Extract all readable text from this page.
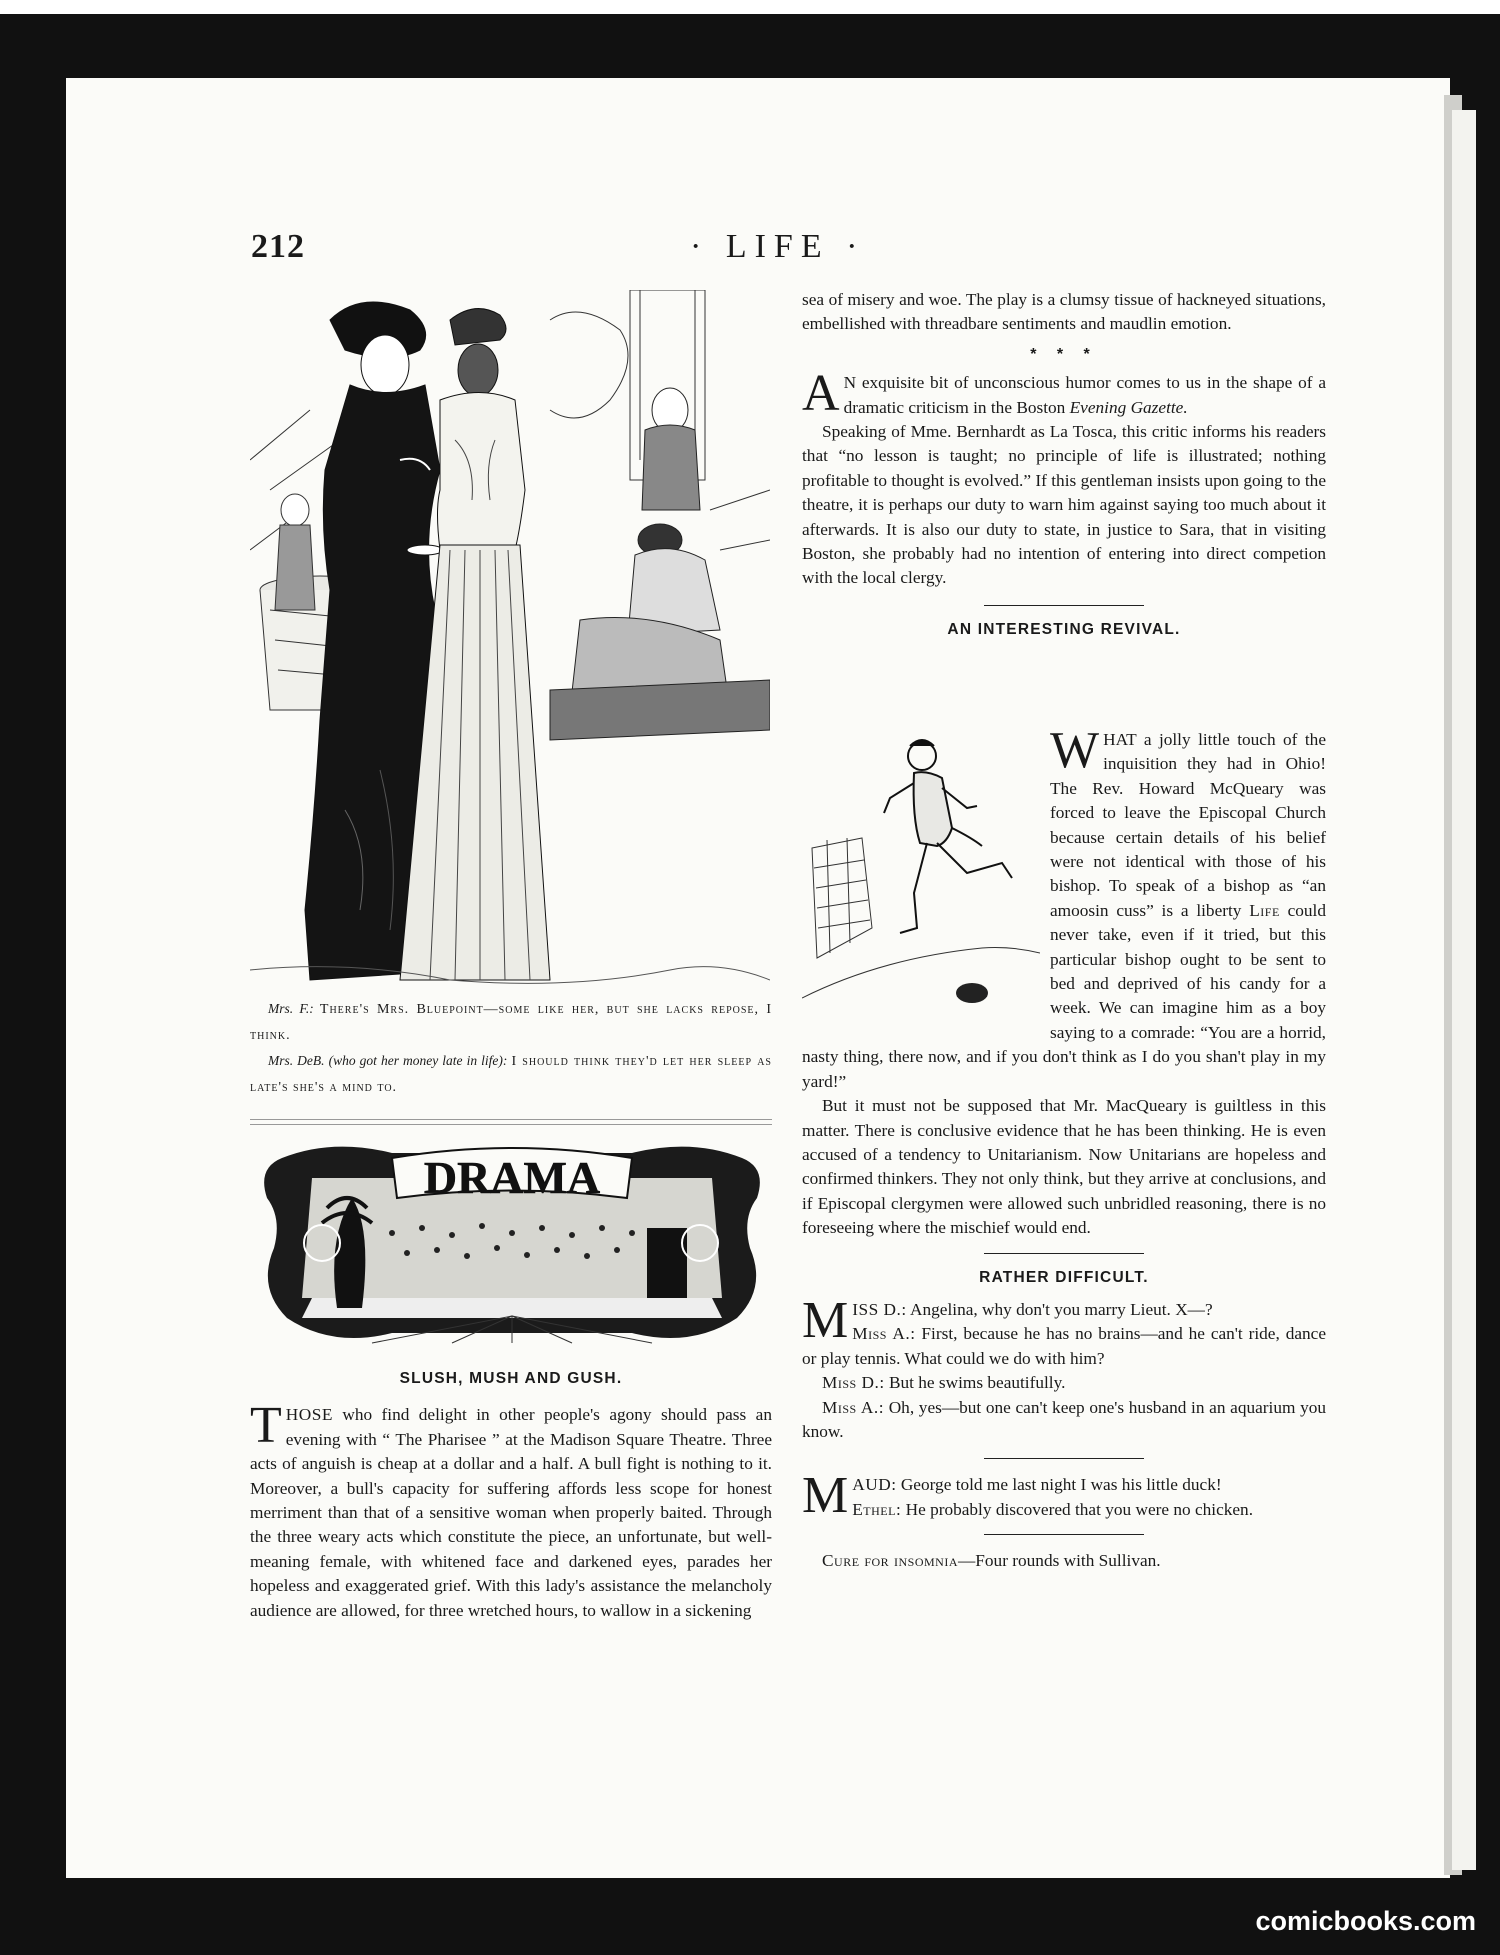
212	· LIFE ·

Mrs. F.: There's Mrs. Bluepoint—some like her, but she lacks repose, I think.

Mrs. DeB. (who got her money late in life): I should think they'd let her sleep as late's she's a mind to.

DRAMA
SLUSH, MUSH AND GUSH.

T HOSE who find delight in other people's agony should pass an evening with “ The Pharisee ” at the Madison Square Theatre. Three acts of anguish is cheap at a dollar and a half. A bull fight is nothing to it. Moreover, a bull's capacity for suffering affords less scope for honest merriment than that of a sensitive woman when properly baited. Through the three weary acts which constitute the piece, an unfortunate, but well-meaning female, with whitened face and darkened eyes, parades her hopeless and exaggerated grief. With this lady's assistance the melancholy audience are allowed, for three wretched hours, to wallow in a sickening

sea of misery and woe. The play is a clumsy tissue of hackneyed situations, embellished with threadbare sentiments and maudlin emotion.

* * *

A N exquisite bit of unconscious humor comes to us in the shape of a dramatic criticism in the Boston Evening Gazette.

Speaking of Mme. Bernhardt as La Tosca, this critic informs his readers that “no lesson is taught; no principle of life is illustrated; nothing profitable to thought is evolved.” If this gentleman insists upon going to the theatre, it is perhaps our duty to warn him against saying too much about it afterwards. It is also our duty to state, in justice to Sara, that in visiting Boston, she probably had no intention of entering into direct competion with the local clergy.

AN INTERESTING REVIVAL.

W HAT a jolly little touch of the inquisition they had in Ohio! The Rev. Howard McQueary was forced to leave the Episcopal Church because certain details of his belief were not identical with those of his bishop. To speak of a bishop as “an amoosin cuss” is a liberty Life could never take, even if it tried, but this particular bishop ought to be sent to bed and deprived of his candy for a week. We can imagine him as a boy saying to a comrade: “You are a horrid, nasty thing, there now, and if you don't think as I do you shan't play in my yard!”

But it must not be supposed that Mr. MacQueary is guiltless in this matter. There is conclusive evidence that he has been thinking. He is even accused of a tendency to Unitarianism. Now Unitarians are hopeless and confirmed thinkers. They not only think, but they arrive at conclusions, and if Episcopal clergymen were allowed such unbridled reasoning, there is no foreseeing where the mischief would end.

RATHER DIFFICULT.

M ISS D.: Angelina, why don't you marry Lieut. X—?
Miss A.: First, because he has no brains—and he can't ride, dance or play tennis. What could we do with him?

Miss D.: But he swims beautifully.

Miss A.: Oh, yes—but one can't keep one's husband in an aquarium you know.

M AUD: George told me last night I was his little duck!
Ethel: He probably discovered that you were no chicken.

Cure for insomnia—Four rounds with Sullivan.

comicbooks.com
